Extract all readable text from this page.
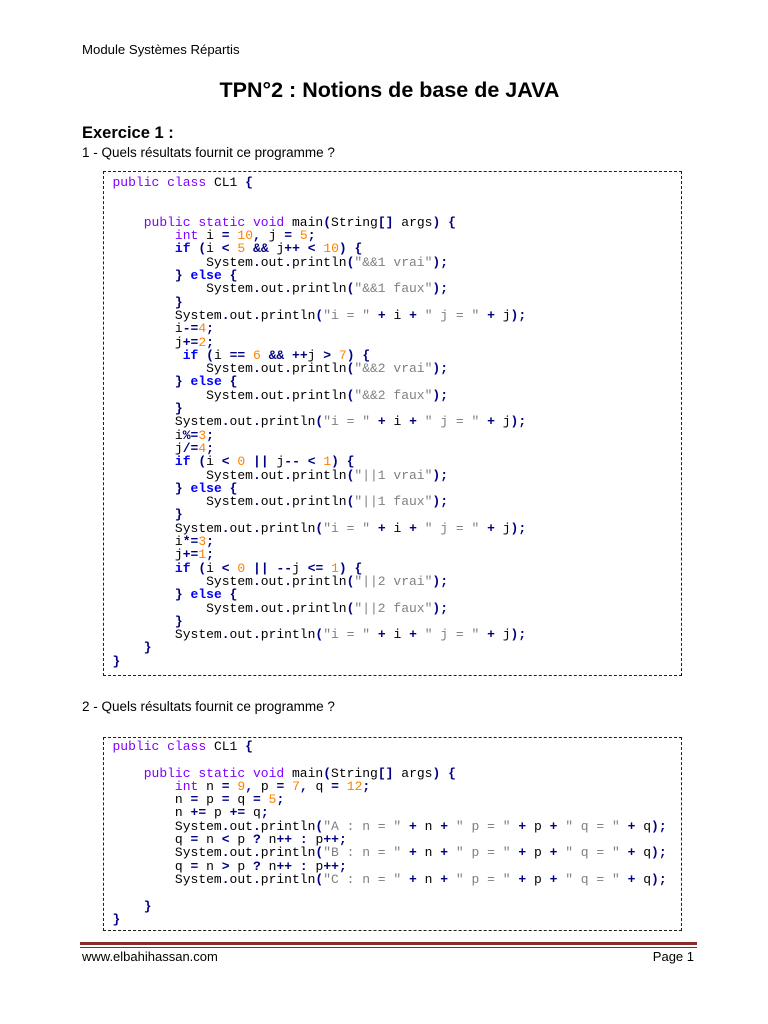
Module Systèmes Répartis
TPN°2 : Notions de base de JAVA
Exercice 1 :

1 - Quels résultats fournit ce programme ?

public class CL1 {
public static void main(String[] args) {
int i = 10, j = 5;
if (i < 5 && j++ < 10) {
System.out.println("&&1 vrai");
} else {
System.out.println("&&1 faux");
}
System.out.println("i = " + i + " j = " + j);
i-=4;
j+=2;
if (i == 6 && ++j > 7) {
System.out.println("&&2 vrai");
} else {
System.out.println("&&2 faux");
}
System.out.println("i = " + i + " j = " + j);
i%=3;
j/=4;
if (i < 0 || j-- < 1) {
System.out.println("||1 vrai");
} else {
System.out.println("||1 faux");
}
System.out.println("i = " + i + " j = " + j);
i*=3;
j+=1;
if (i < 0 || --j <= 1) {
System.out.println("||2 vrai");
} else {
System.out.println("||2 faux");
}
System.out.println("i = " + i + " j = " + j);
}
}

2 - Quels résultats fournit ce programme ?

public class CL1 {
public static void main(String[] args) {
int n = 9, p = 7, q = 12;
n = p = q = 5;
n += p += q;
System.out.println("A : n = " + n + " p = " + p + " q = " + q);
q = n < p ? n++ : p++;
System.out.println("B : n = " + n + " p = " + p + " q = " + q);
q = n > p ? n++ : p++;
System.out.println("C : n = " + n + " p = " + p + " q = " + q);
}
}
www.elbahihassan.com	Page 1
